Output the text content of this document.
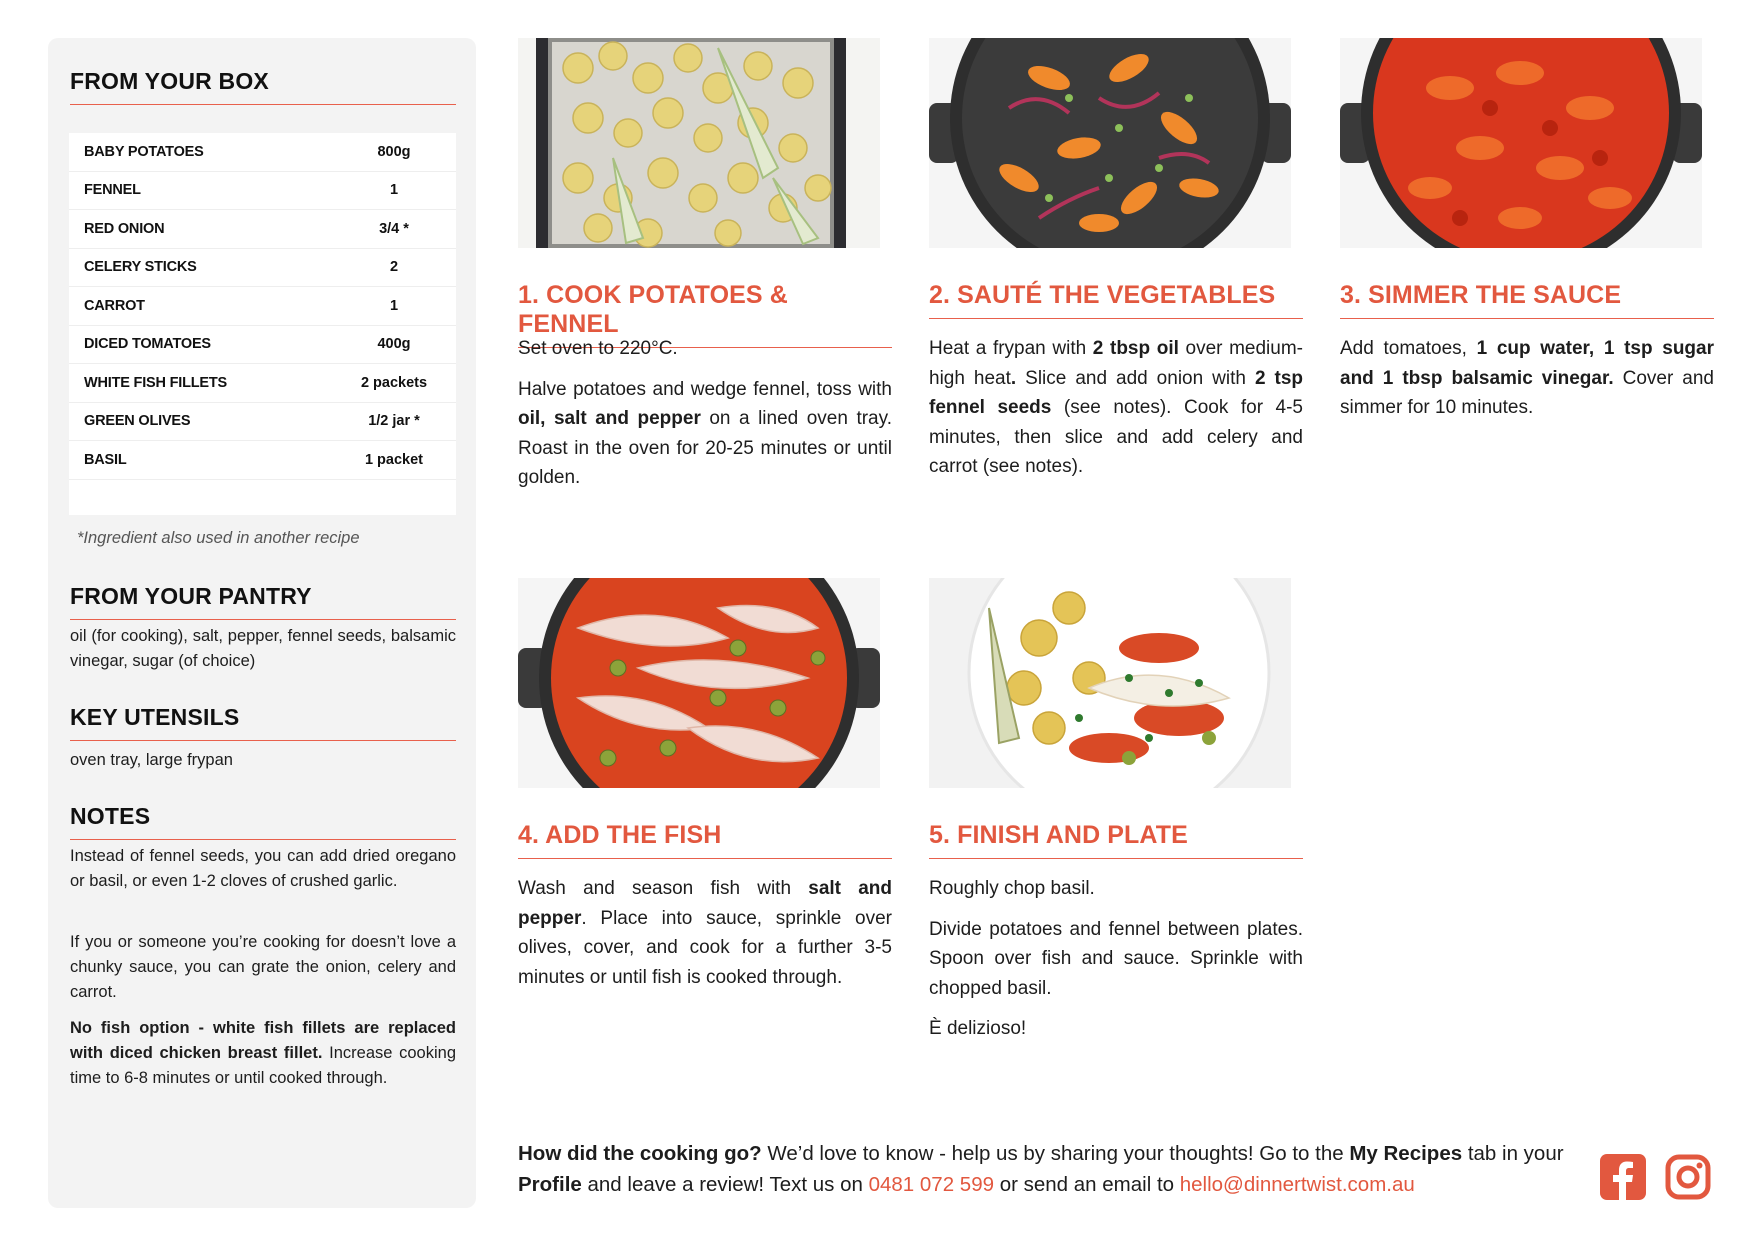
FROM YOUR BOX
BABY POTATOES	800g
FENNEL	1
RED ONION	3/4 *
CELERY STICKS	2
CARROT	1
DICED TOMATOES	400g
WHITE FISH FILLETS	2 packets
GREEN OLIVES	1/2 jar *
BASIL	1 packet
*Ingredient also used in another recipe
FROM YOUR PANTRY
oil (for cooking), salt, pepper, fennel seeds, balsamic vinegar, sugar (of choice)
KEY UTENSILS
oven tray, large frypan
NOTES
Instead of fennel seeds, you can add dried oregano or basil, or even 1-2 cloves of crushed garlic.
If you or someone you’re cooking for doesn’t love a chunky sauce, you can grate the onion, celery and carrot.
No fish option - white fish fillets are replaced with diced chicken breast fillet. Increase cooking time to 6-8 minutes or until cooked through.
1. COOK POTATOES & FENNEL

Set oven to 220°C.

Halve potatoes and wedge fennel, toss with oil, salt and pepper on a lined oven tray. Roast in the oven for 20-25 minutes or until golden.

2. SAUTÉ THE VEGETABLES

Heat a frypan with 2 tbsp oil over medium-high heat. Slice and add onion with 2 tsp fennel seeds (see notes). Cook for 4-5 minutes, then slice and add celery and carrot (see notes).

3. SIMMER THE SAUCE

Add tomatoes, 1 cup water, 1 tsp sugar and 1 tbsp balsamic vinegar. Cover and simmer for 10 minutes.

4. ADD THE FISH

Wash and season fish with salt and pepper. Place into sauce, sprinkle over olives, cover, and cook for a further 3-5 minutes or until fish is cooked through.

5. FINISH AND PLATE

Roughly chop basil.

Divide potatoes and fennel between plates. Spoon over fish and sauce. Sprinkle with chopped basil.

È delizioso!

How did the cooking go? We’d love to know - help us by sharing your thoughts! Go to the My Recipes tab in your Profile and leave a review! Text us on 0481 072 599 or send an email to hello@dinnertwist.com.au
